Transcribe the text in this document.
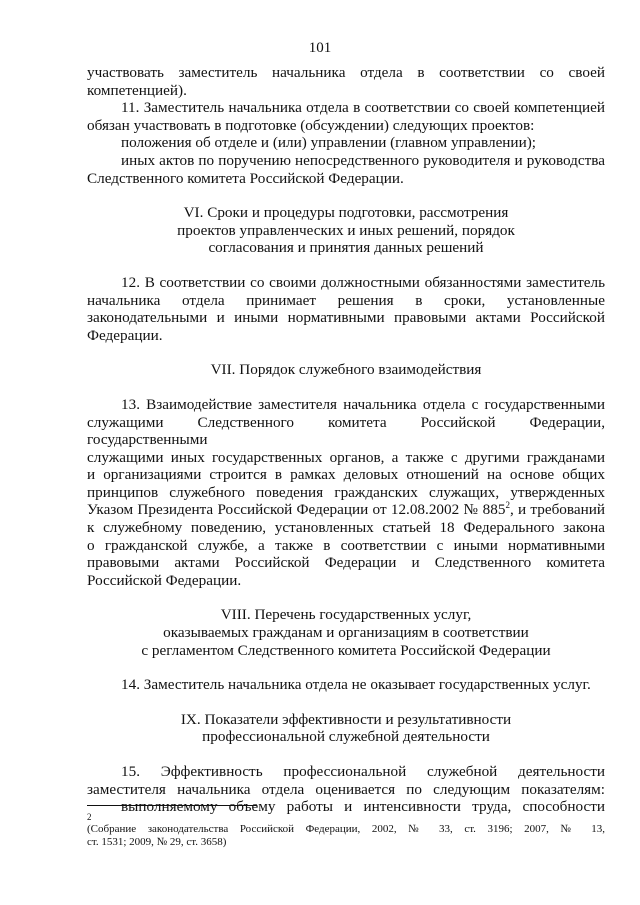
101
участвовать заместитель начальника отдела в соответствии со своей
компетенцией).
11. Заместитель начальника отдела в соответствии со своей компетенцией
обязан участвовать в подготовке (обсуждении) следующих проектов:
положения об отделе и (или) управлении (главном управлении);
иных актов по поручению непосредственного руководителя и руководства
Следственного комитета Российской Федерации.
VI. Сроки и процедуры подготовки, рассмотрения
проектов управленческих и иных решений, порядок
согласования и принятия данных решений
12. В соответствии со своими должностными обязанностями заместитель
начальника отдела принимает решения в сроки, установленные
законодательными и иными нормативными правовыми актами Российской
Федерации.
VII. Порядок служебного взаимодействия
13. Взаимодействие заместителя начальника отдела с государственными
служащими Следственного комитета Российской Федерации, государственными
служащими иных государственных органов, а также с другими гражданами
и организациями строится в рамках деловых отношений на основе общих
принципов служебного поведения гражданских служащих, утвержденных
Указом Президента Российской Федерации от 12.08.2002 № $885^2$, и требований
к служебному поведению, установленных статьей 18 Федерального закона
о гражданской службе, а также в соответствии с иными нормативными
правовыми актами Российской Федерации и Следственного комитета
Российской Федерации.
VIII. Перечень государственных услуг,
оказываемых гражданам и организациям в соответствии
с регламентом Следственного комитета Российской Федерации
14. Заместитель начальника отдела не оказывает государственных услуг.
IX. Показатели эффективности и результативности
профессиональной служебной деятельности
15. Эффективность профессиональной служебной деятельности
заместителя начальника отдела оценивается по следующим показателям:
выполняемому объему работы и интенсивности труда, способности
2

(Собрание законодательства Российской Федерации, 2002, № 33, ст. 3196; 2007, № 13,

ст. 1531; 2009, № 29, ст. 3658)
